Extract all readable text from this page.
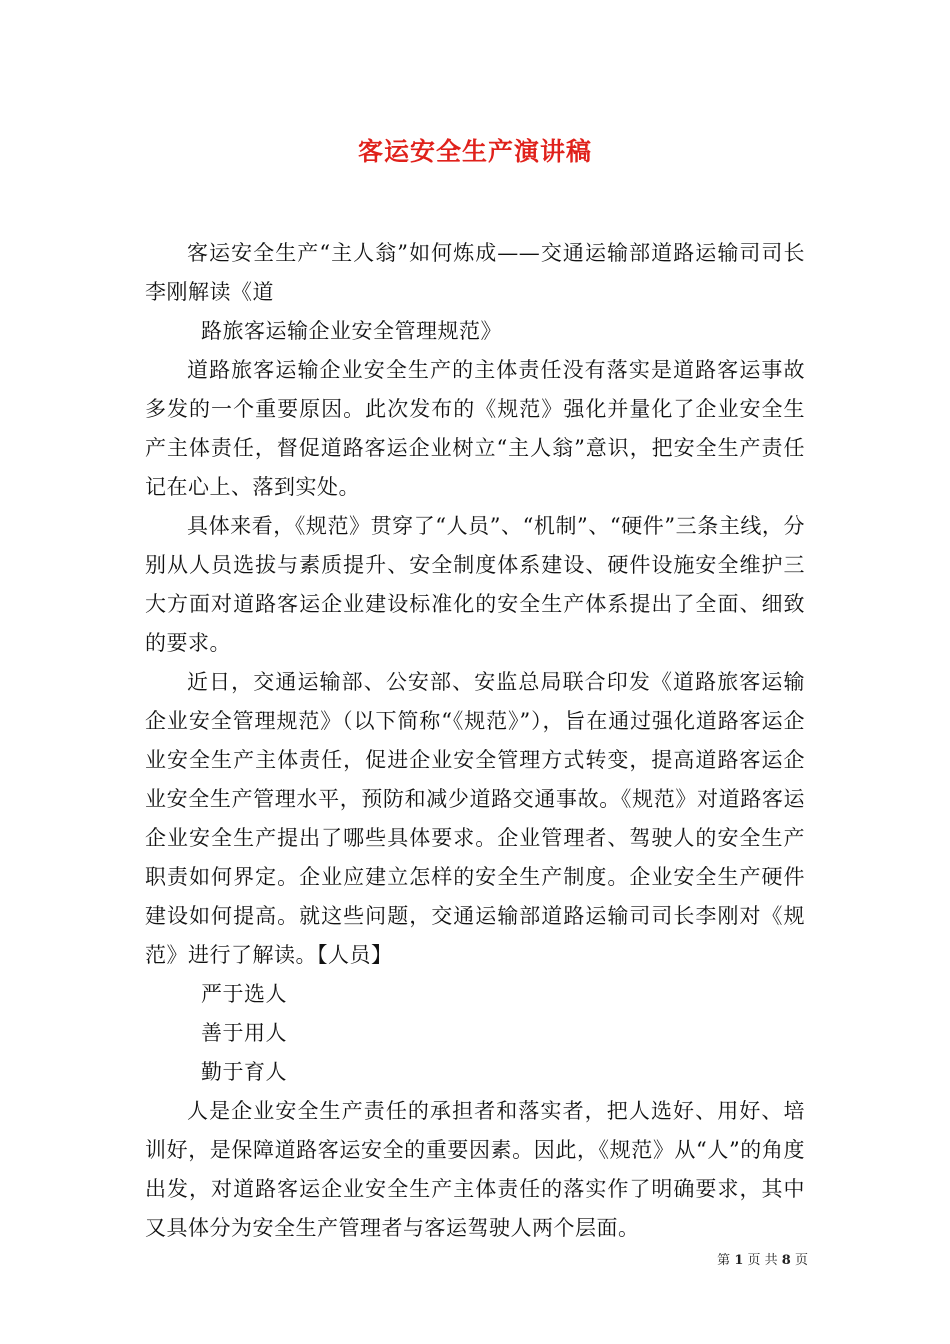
客运安全生产演讲稿

客运安全生产“主人翁”如何炼成——交通运输部道路运输司司长李刚解读《道

路旅客运输企业安全管理规范》

道路旅客运输企业安全生产的主体责任没有落实是道路客运事故多发的一个重要原因。此次发布的《规范》强化并量化了企业安全生产主体责任，督促道路客运企业树立“主人翁”意识，把安全生产责任记在心上、落到实处。

具体来看，《规范》贯穿了“人员”、“机制”、“硬件”三条主线，分别从人员选拔与素质提升、安全制度体系建设、硬件设施安全维护三大方面对道路客运企业建设标准化的安全生产体系提出了全面、细致的要求。

近日，交通运输部、公安部、安监总局联合印发《道路旅客运输企业安全管理规范》（以下简称“《规范》”），旨在通过强化道路客运企业安全生产主体责任，促进企业安全管理方式转变，提高道路客运企业安全生产管理水平，预防和减少道路交通事故。《规范》对道路客运企业安全生产提出了哪些具体要求。企业管理者、驾驶人的安全生产职责如何界定。企业应建立怎样的安全生产制度。企业安全生产硬件建设如何提高。就这些问题，交通运输部道路运输司司长李刚对《规范》进行了解读。【人员】

严于选人

善于用人

勤于育人

人是企业安全生产责任的承担者和落实者，把人选好、用好、培训好，是保障道路客运安全的重要因素。因此，《规范》从“人”的角度出发，对道路客运企业安全生产主体责任的落实作了明确要求，其中又具体分为安全生产管理者与客运驾驶人两个层面。

第 1 页 共 8 页
